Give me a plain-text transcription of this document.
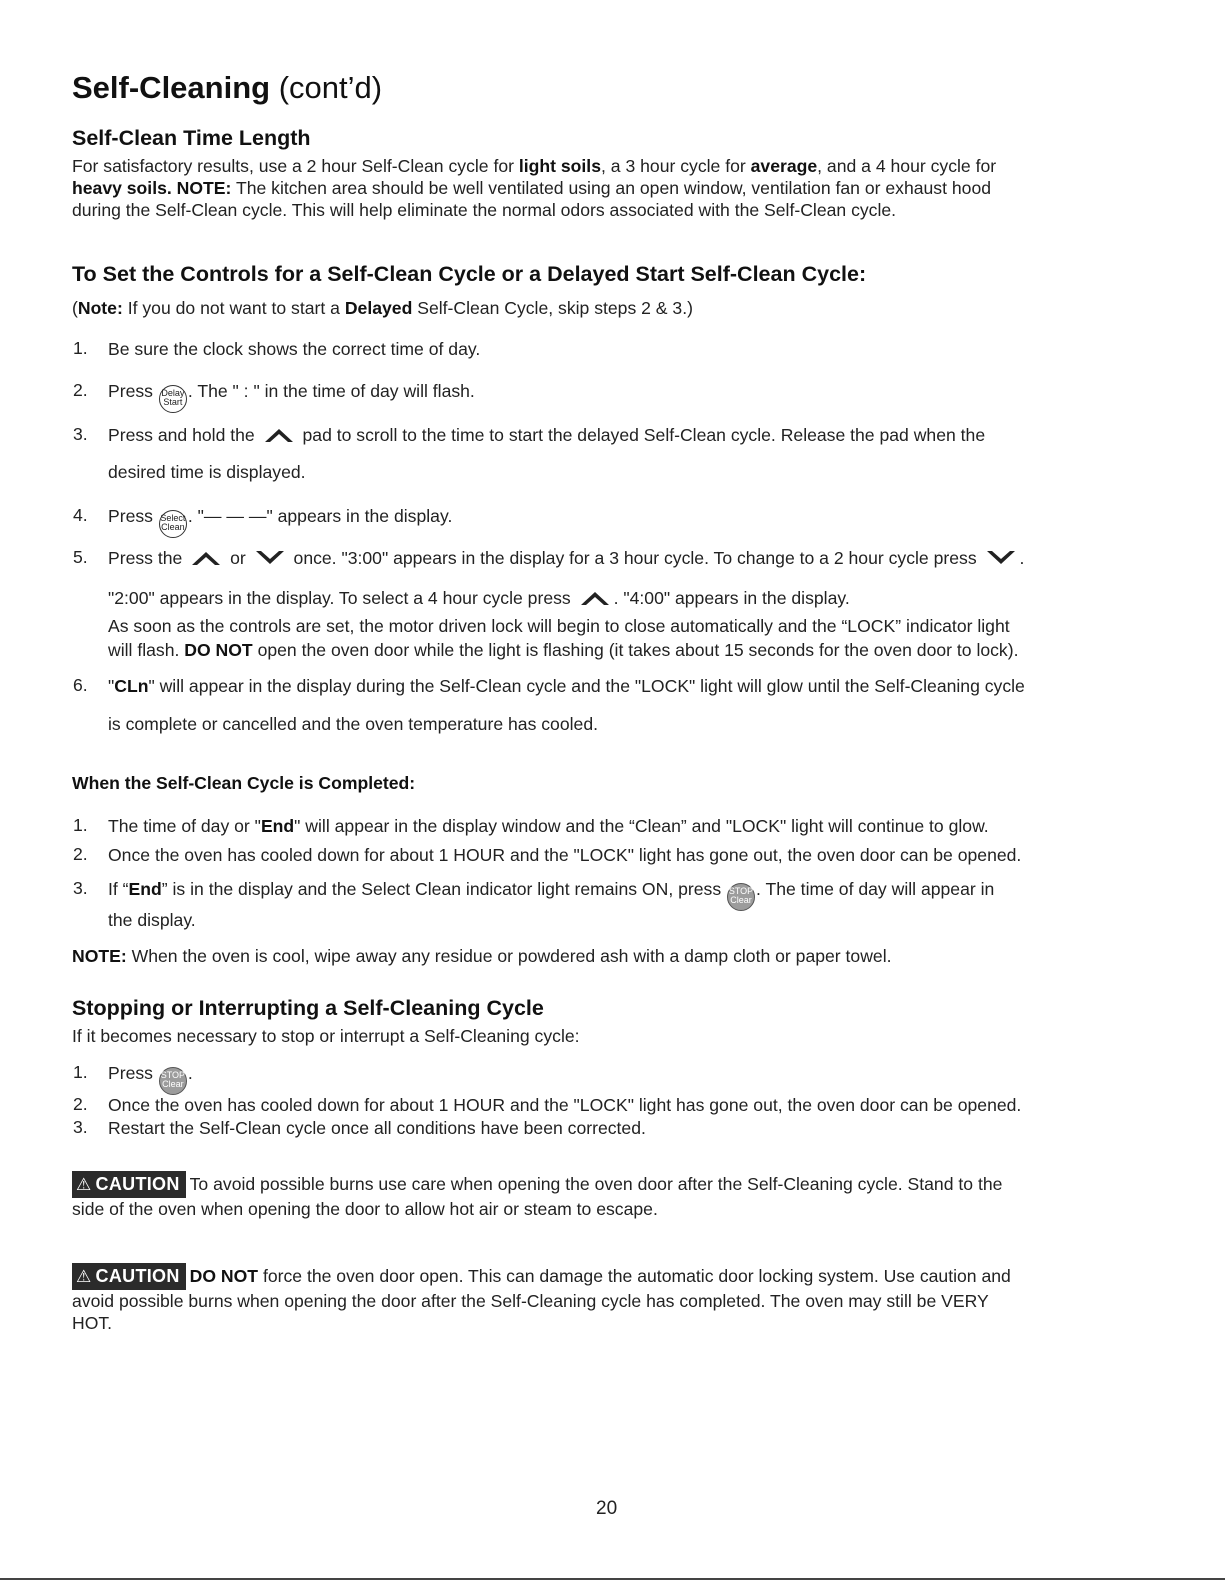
Self-Cleaning (cont’d)
Self-Clean Time Length
For satisfactory results, use a 2 hour Self-Clean cycle for light soils, a 3 hour cycle for average, and a 4 hour cycle for
heavy soils. NOTE: The kitchen area should be well ventilated using an open window, ventilation fan or exhaust hood
during the Self-Clean cycle. This will help eliminate the normal odors associated with the Self-Clean cycle.
To Set the Controls for a Self-Clean Cycle or a Delayed Start Self-Clean Cycle:
(Note: If you do not want to start a Delayed Self-Clean Cycle, skip steps 2 & 3.)
1.	Be sure the clock shows the correct time of day.
2.	Press Delay
Start. The " : " in the time of day will flash.
3.	Press and hold the  pad to scroll to the time to start the delayed Self-Clean cycle. Release the pad when the
desired time is displayed.
4.	Press Select
Clean. "— — —" appears in the display.
5.	Press the  or  once. "3:00" appears in the display for a 3 hour cycle. To change to a 2 hour cycle press .
"2:00" appears in the display. To select a 4 hour cycle press . "4:00" appears in the display.
As soon as the controls are set, the motor driven lock will begin to close automatically and the “LOCK” indicator light
will flash. DO NOT open the oven door while the light is flashing (it takes about 15 seconds for the oven door to lock).
6.	"CLn" will appear in the display during the Self-Clean cycle and the "LOCK" light will glow until the Self-Cleaning cycle
is complete or cancelled and the oven temperature has cooled.
When the Self-Clean Cycle is Completed:
1.	The time of day or "End" will appear in the display window and the “Clean” and "LOCK" light will continue to glow.
2.	Once the oven has cooled down for about 1 HOUR and the "LOCK" light has gone out, the oven door can be opened.
3.	If “End” is in the display and the Select Clean indicator light remains ON, press STOP
Clear. The time of day will appear in
the display.
NOTE: When the oven is cool, wipe away any residue or powdered ash with a damp cloth or paper towel.
Stopping or Interrupting a Self-Cleaning Cycle
If it becomes necessary to stop or interrupt a Self-Cleaning cycle:
1.	Press STOP
Clear.
2.	Once the oven has cooled down for about 1 HOUR and the "LOCK" light has gone out, the oven door can be opened.
3.	Restart the Self-Clean cycle once all conditions have been corrected.
⚠ CAUTION To avoid possible burns use care when opening the oven door after the Self-Cleaning cycle. Stand to the
side of the oven when opening the door to allow hot air or steam to escape.
⚠ CAUTION DO NOT force the oven door open. This can damage the automatic door locking system. Use caution and
avoid possible burns when opening the door after the Self-Cleaning cycle has completed. The oven may still be VERY
HOT.
20
